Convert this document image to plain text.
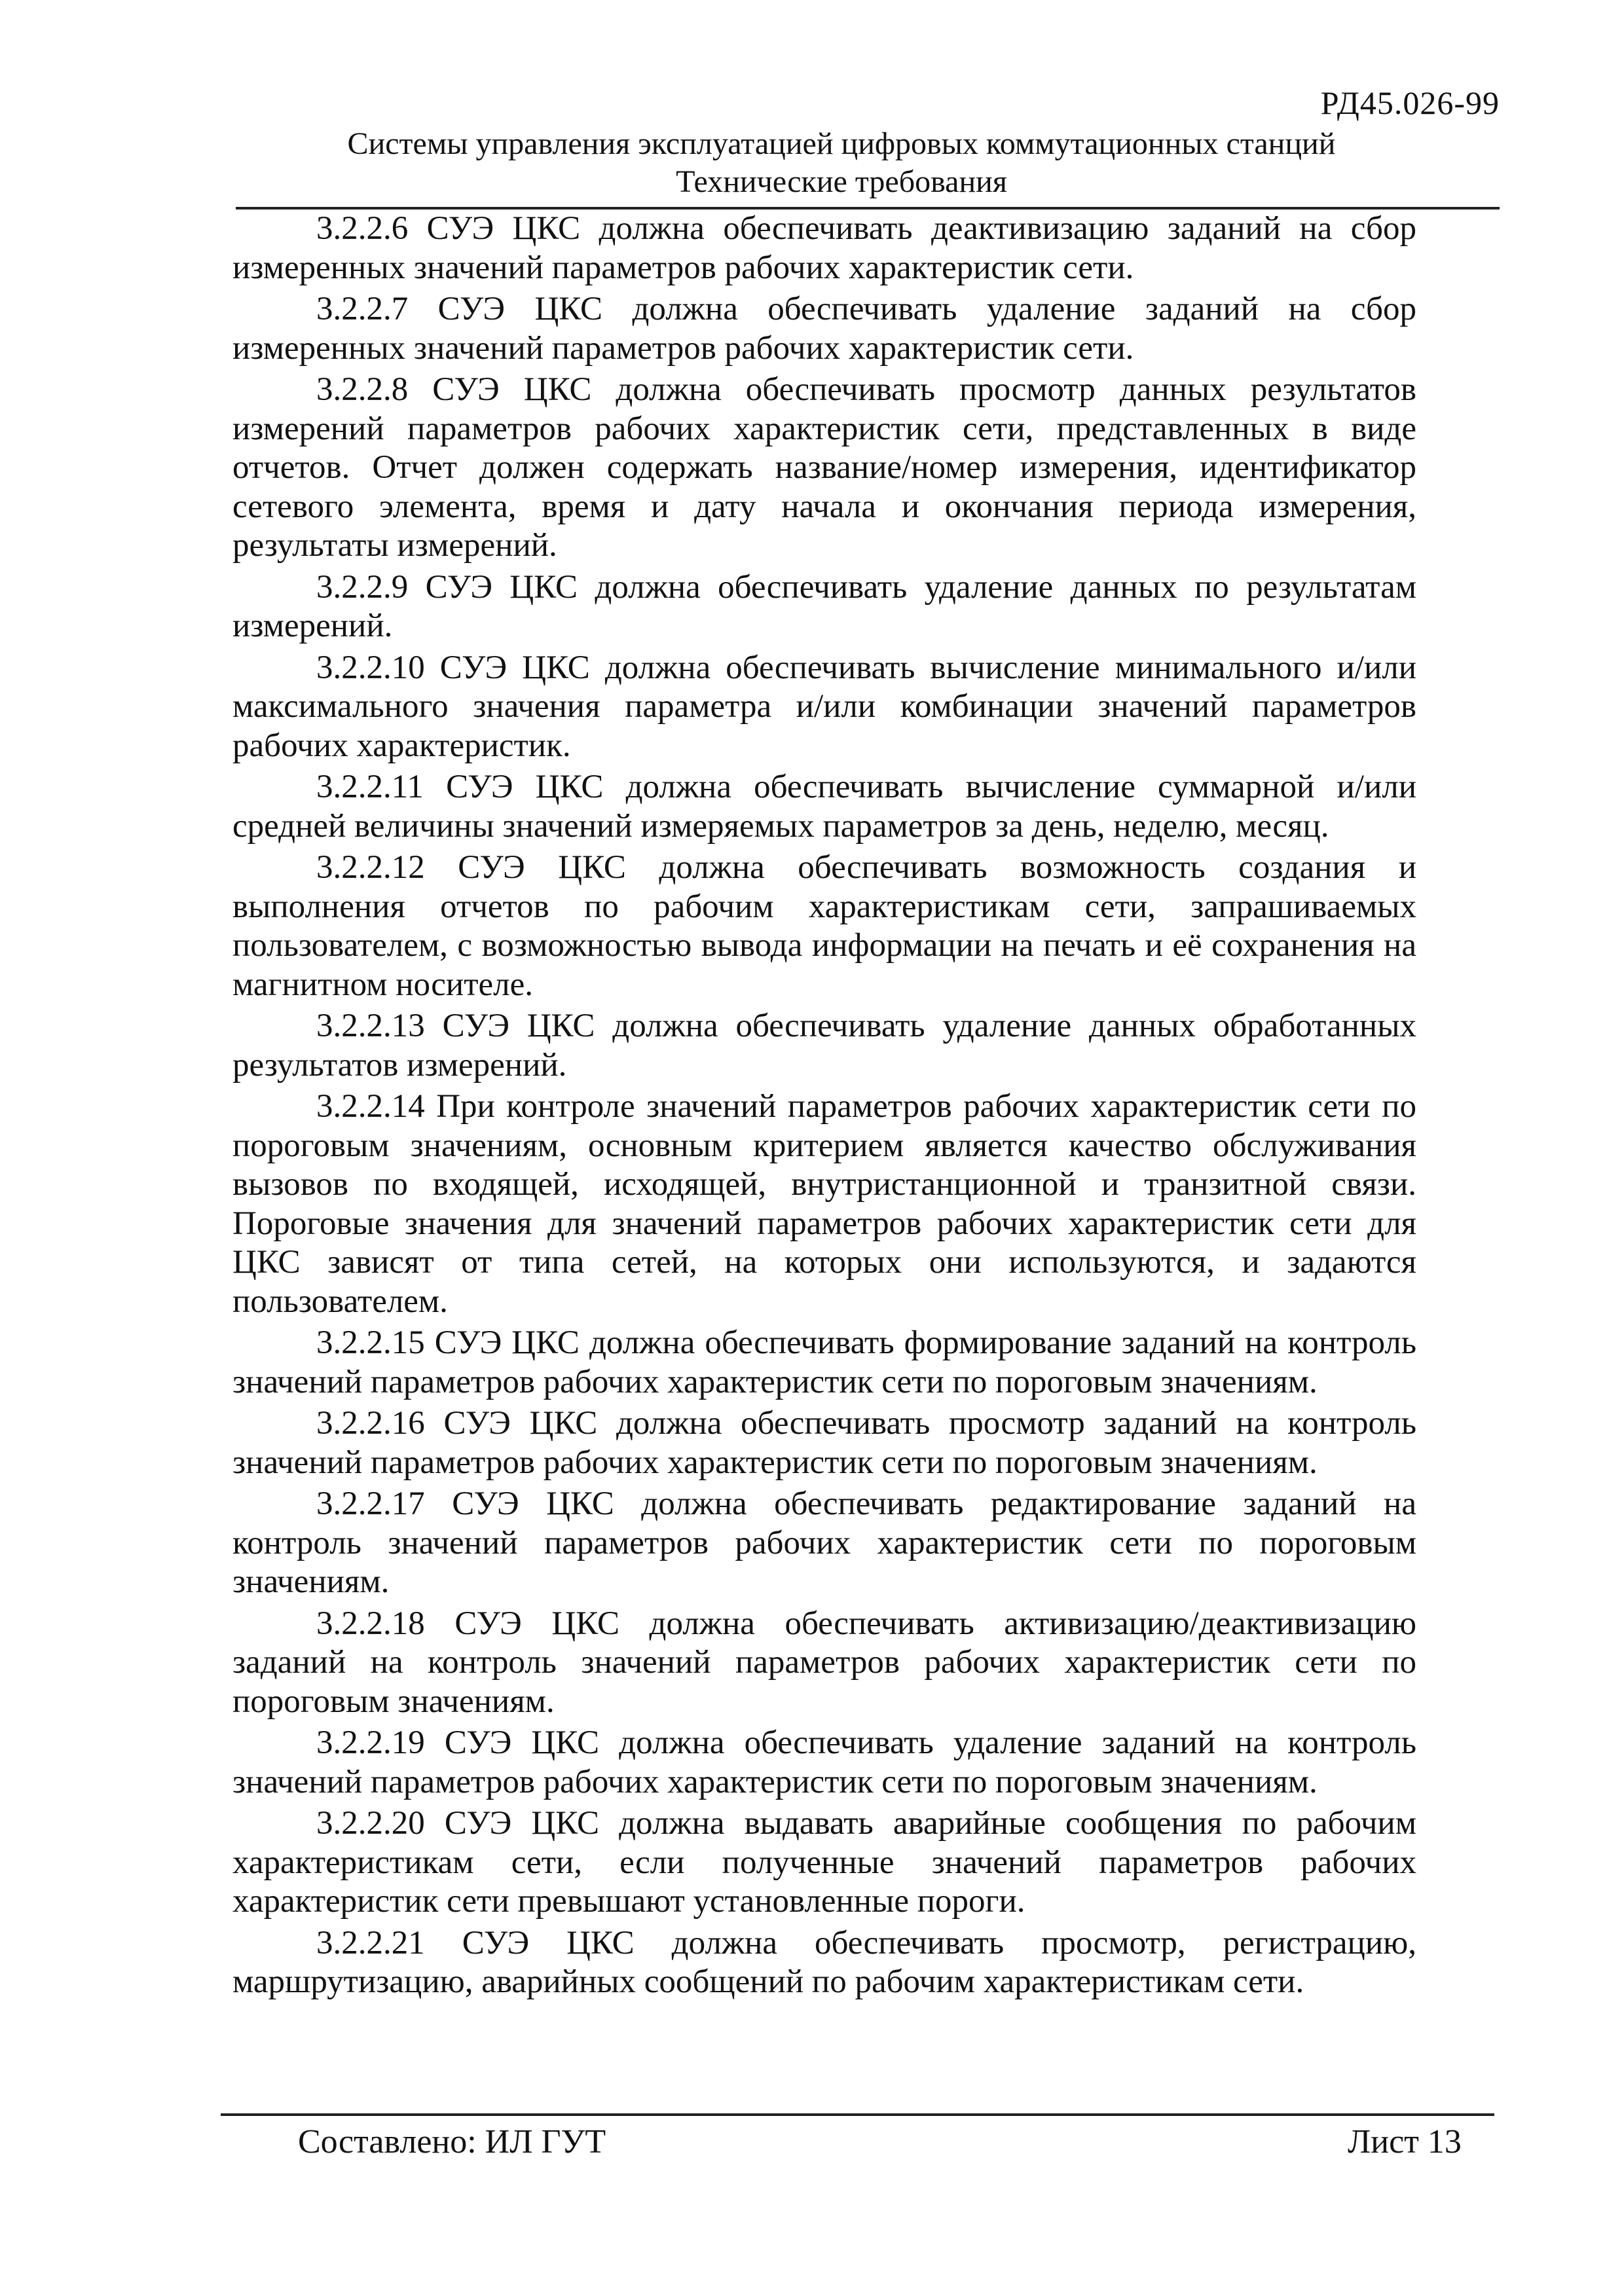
РД45.026-99
Системы управления эксплуатацией цифровых коммутационных станций
Технические требования

3.2.2.6 СУЭ ЦКС должна обеспечивать деактивизацию заданий на сбор измеренных значений параметров рабочих характеристик сети.

3.2.2.7 СУЭ ЦКС должна обеспечивать удаление заданий на сбор измеренных значений параметров рабочих характеристик сети.

3.2.2.8 СУЭ ЦКС должна обеспечивать просмотр данных результатов измерений параметров рабочих характеристик сети, представленных в виде отчетов. Отчет должен содержать название/номер измерения, идентификатор сетевого элемента, время и дату начала и окончания периода измерения, результаты измерений.

3.2.2.9 СУЭ ЦКС должна обеспечивать удаление данных по результатам измерений.

3.2.2.10 СУЭ ЦКС должна обеспечивать вычисление минимального и/или максимального значения параметра и/или комбинации значений параметров рабочих характеристик.

3.2.2.11 СУЭ ЦКС должна обеспечивать вычисление суммарной и/или средней величины значений измеряемых параметров за день, неделю, месяц.

3.2.2.12 СУЭ ЦКС должна обеспечивать возможность создания и выполнения отчетов по рабочим характеристикам сети, запрашиваемых пользователем, с возможностью вывода информации на печать и её сохранения на магнитном носителе.

3.2.2.13 СУЭ ЦКС должна обеспечивать удаление данных обработанных результатов измерений.

3.2.2.14 При контроле значений параметров рабочих характеристик сети по пороговым значениям, основным критерием является качество обслуживания вызовов по входящей, исходящей, внутристанционной и транзитной связи. Пороговые значения для значений параметров рабочих характеристик сети для ЦКС зависят от типа сетей, на которых они используются, и задаются пользователем.

3.2.2.15 СУЭ ЦКС должна обеспечивать формирование заданий на контроль значений параметров рабочих характеристик сети по пороговым значениям.

3.2.2.16 СУЭ ЦКС должна обеспечивать просмотр заданий на контроль значений параметров рабочих характеристик сети по пороговым значениям.

3.2.2.17 СУЭ ЦКС должна обеспечивать редактирование заданий на контроль значений параметров рабочих характеристик сети по пороговым значениям.

3.2.2.18 СУЭ ЦКС должна обеспечивать активизацию/деактивизацию заданий на контроль значений параметров рабочих характеристик сети по пороговым значениям.

3.2.2.19 СУЭ ЦКС должна обеспечивать удаление заданий на контроль значений параметров рабочих характеристик сети по пороговым значениям.

3.2.2.20 СУЭ ЦКС должна выдавать аварийные сообщения по рабочим характеристикам сети, если полученные значений параметров рабочих характеристик сети превышают установленные пороги.

3.2.2.21 СУЭ ЦКС должна обеспечивать просмотр, регистрацию, маршрутизацию, аварийных сообщений по рабочим характеристикам сети.

Составлено: ИЛ ГУТ	Лист 13
